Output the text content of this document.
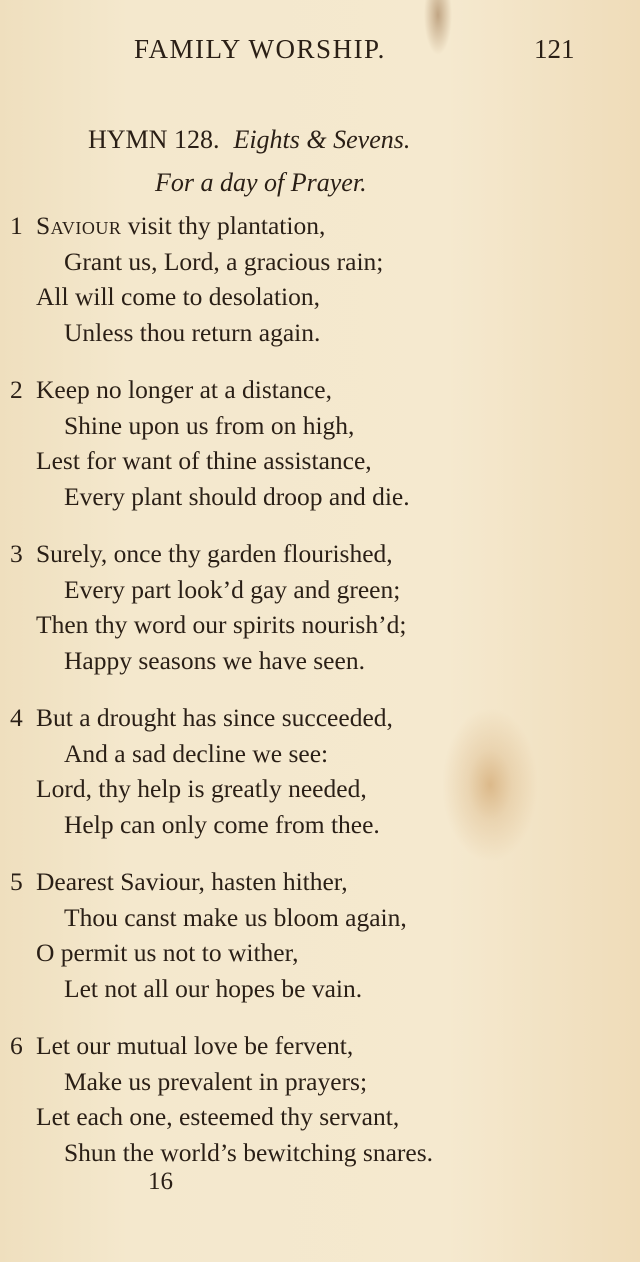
FAMILY WORSHIP.	121
HYMN 128. Eights & Sevens.
For a day of Prayer.
1 Saviour visit thy plantation,
Grant us, Lord, a gracious rain;
All will come to desolation,
Unless thou return again.
2 Keep no longer at a distance,
Shine upon us from on high,
Lest for want of thine assistance,
Every plant should droop and die.
3 Surely, once thy garden flourished,
Every part look’d gay and green;
Then thy word our spirits nourish’d;
Happy seasons we have seen.
4 But a drought has since succeeded,
And a sad decline we see:
Lord, thy help is greatly needed,
Help can only come from thee.
5 Dearest Saviour, hasten hither,
Thou canst make us bloom again,
O permit us not to wither,
Let not all our hopes be vain.
6 Let our mutual love be fervent,
Make us prevalent in prayers;
Let each one, esteemed thy servant,
Shun the world’s bewitching snares.
16
